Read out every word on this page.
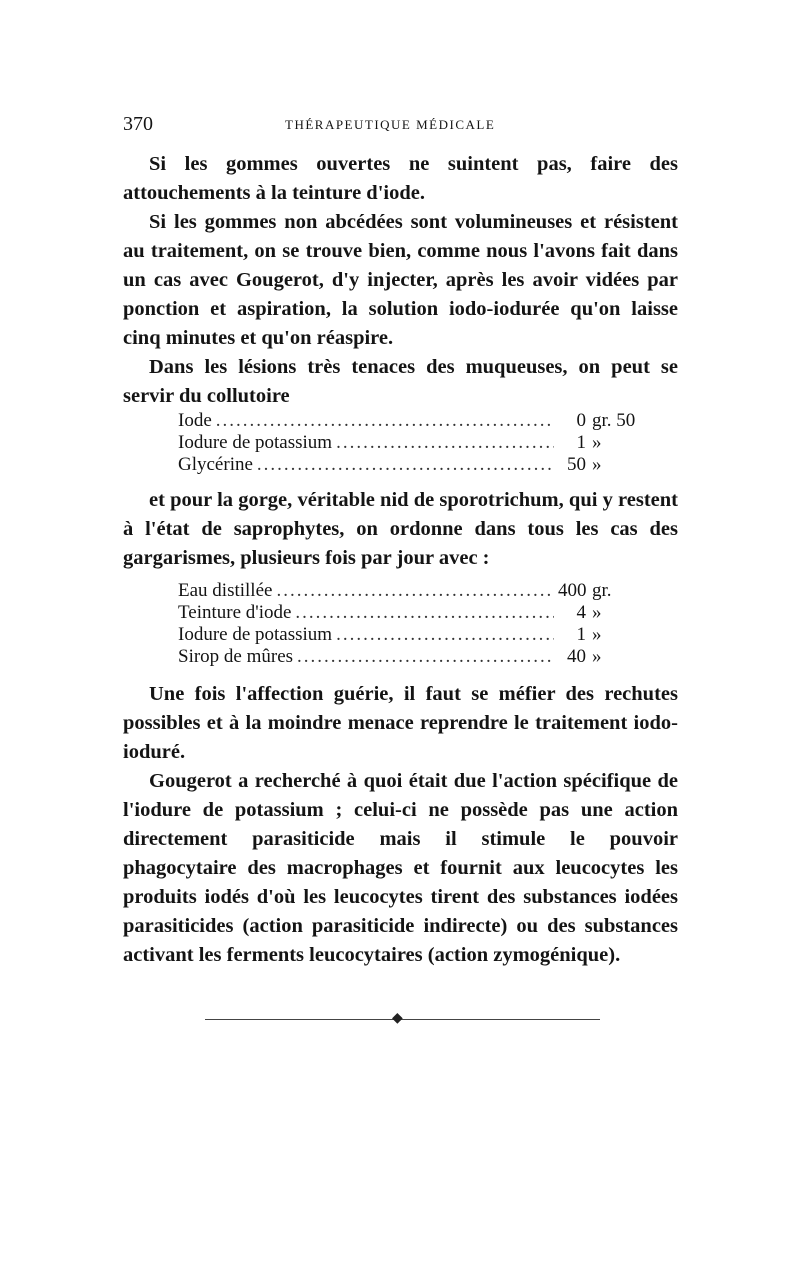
370	THÉRAPEUTIQUE MÉDICALE

Si les gommes ouvertes ne suintent pas, faire des attouchements à la teinture d'iode.

Si les gommes non abcédées sont volumineuses et résistent au traitement, on se trouve bien, comme nous l'avons fait dans un cas avec Gougerot, d'y injecter, après les avoir vidées par ponction et aspiration, la solution iodo-iodurée qu'on laisse cinq minutes et qu'on réaspire.

Dans les lésions très tenaces des muqueuses, on peut se servir du collutoire

Iode .....	0 gr. 50
Iodure de potassium .....	1 »
Glycérine .....	50 »

et pour la gorge, véritable nid de sporotrichum, qui y restent à l'état de saprophytes, on ordonne dans tous les cas des gargarismes, plusieurs fois par jour avec :

Eau distillée .....	400 gr.
Teinture d'iode .....	4 »
Iodure de potassium .....	1 »
Sirop de mûres .....	40 »

Une fois l'affection guérie, il faut se méfier des rechutes possibles et à la moindre menace reprendre le traitement iodo-ioduré.

Gougerot a recherché à quoi était due l'action spécifique de l'iodure de potassium ; celui-ci ne possède pas une action directement parasiticide mais il stimule le pouvoir phagocytaire des macrophages et fournit aux leucocytes les produits iodés d'où les leucocytes tirent des substances iodées parasiticides (action parasiticide indirecte) ou des substances activant les ferments leucocytaires (action zymogénique).

◆
